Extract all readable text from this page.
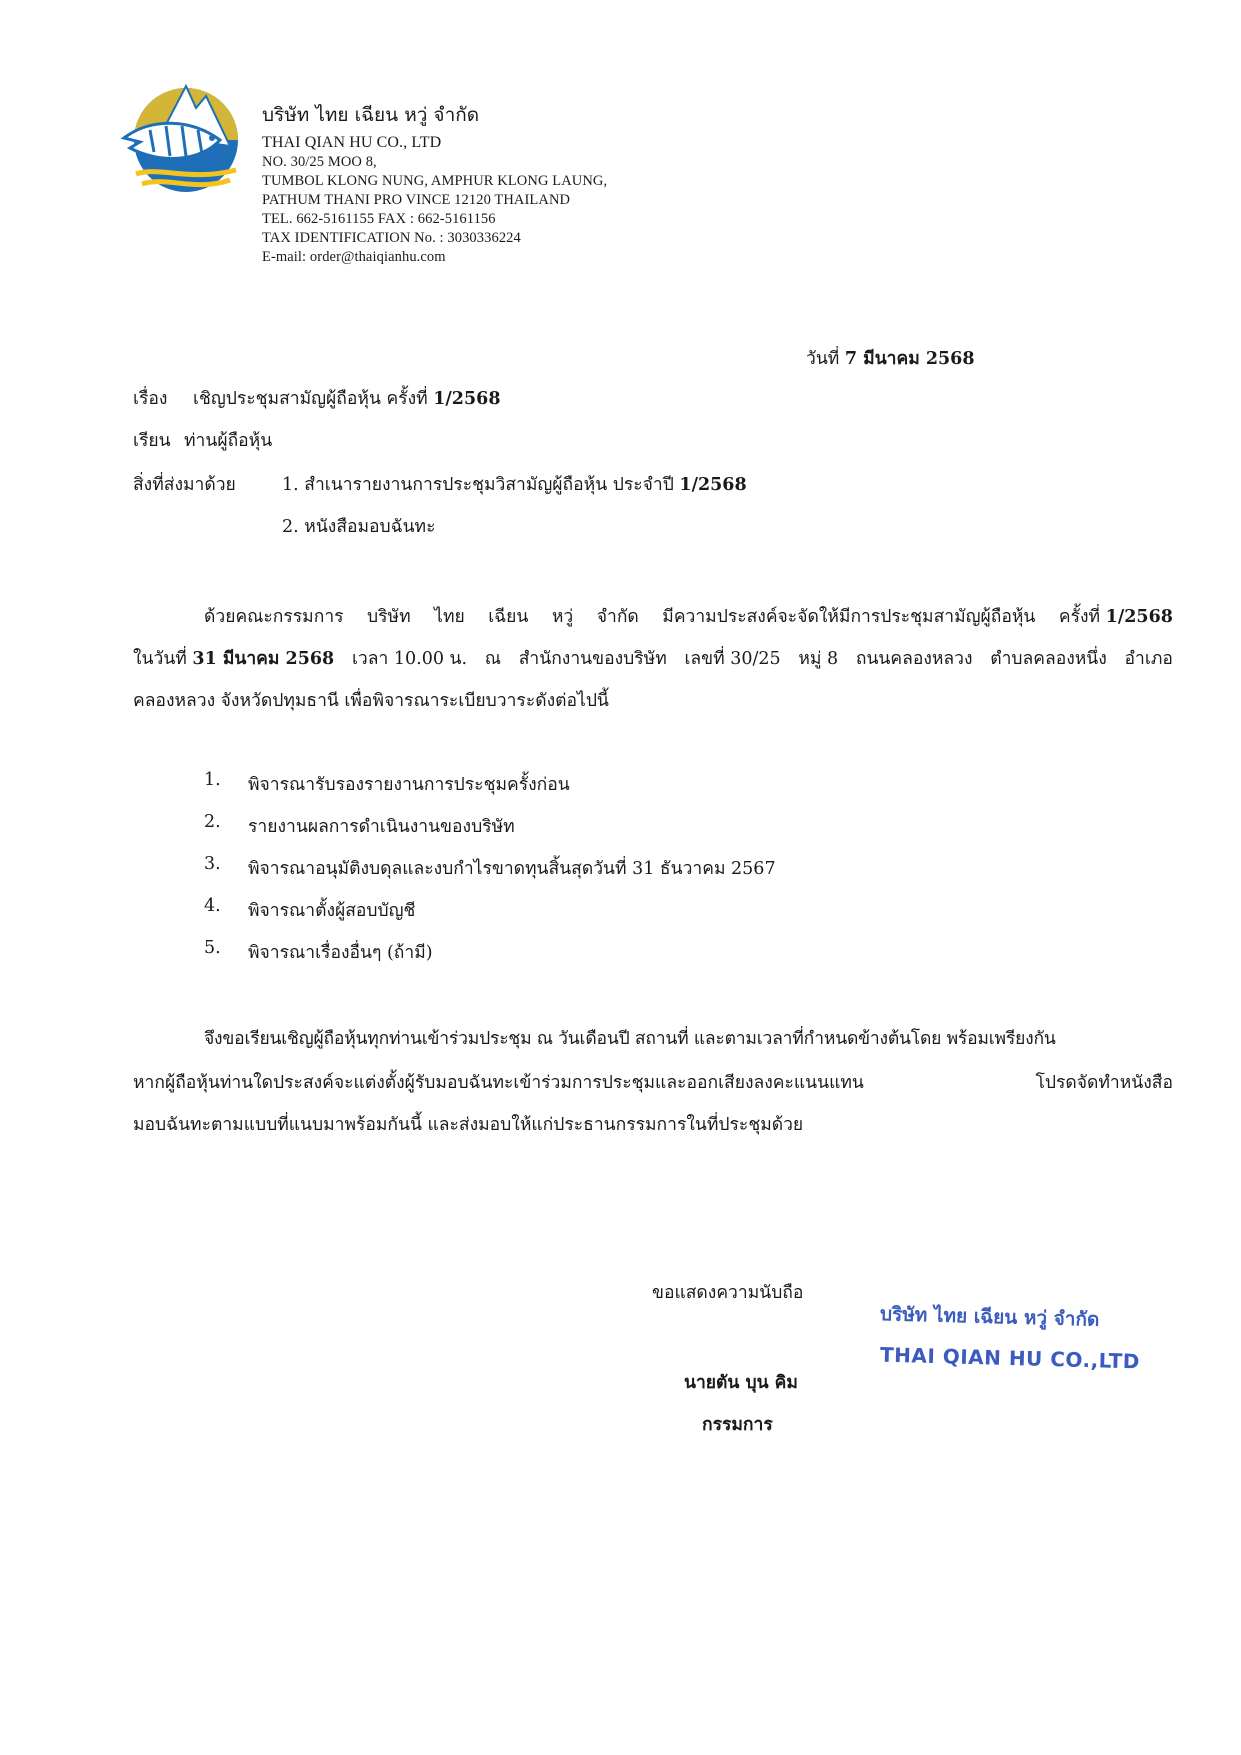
บริษัท ไทย เฉียน หวู่ จำกัด
THAI QIAN HU CO., LTD
NO. 30/25 MOO 8,
TUMBOL KLONG NUNG, AMPHUR KLONG LAUNG,
PATHUM THANI PRO VINCE 12120 THAILAND
TEL. 662-5161155 FAX : 662-5161156
TAX IDENTIFICATION No. : 3030336224
E-mail: order@thaiqianhu.com
วันที่ 7 มีนาคม 2568
เรื่อง เชิญประชุมสามัญผู้ถือหุ้น ครั้งที่ 1/2568
เรียน ท่านผู้ถือหุ้น
สิ่งที่ส่งมาด้วย	1. สำเนารายงานการประชุมวิสามัญผู้ถือหุ้น ประจำปี 1/2568
2. หนังสือมอบฉันทะ
ด้วยคณะกรรมการ บริษัท ไทย เฉียน หวู่ จำกัด มีความประสงค์จะจัดให้มีการประชุมสามัญผู้ถือหุ้น ครั้งที่ 1/2568
ในวันที่ 31 มีนาคม 2568 เวลา 10.00 น. ณ สำนักงานของบริษัท เลขที่ 30/25 หมู่ 8 ถนนคลองหลวง ตำบลคลองหนึ่ง อำเภอ
คลองหลวง จังหวัดปทุมธานี เพื่อพิจารณาระเบียบวาระดังต่อไปนี้
1. พิจารณารับรองรายงานการประชุมครั้งก่อน
2. รายงานผลการดำเนินงานของบริษัท
3. พิจารณาอนุมัติงบดุลและงบกำไรขาดทุนสิ้นสุดวันที่ 31 ธันวาคม 2567
4. พิจารณาตั้งผู้สอบบัญชี
5. พิจารณาเรื่องอื่นๆ (ถ้ามี)
จึงขอเรียนเชิญผู้ถือหุ้นทุกท่านเข้าร่วมประชุม ณ วันเดือนปี สถานที่ และตามเวลาที่กำหนดข้างต้นโดย พร้อมเพรียงกัน
หากผู้ถือหุ้นท่านใดประสงค์จะแต่งตั้งผู้รับมอบฉันทะเข้าร่วมการประชุมและออกเสียงลงคะแนนแทน	โปรดจัดทำหนังสือ
มอบฉันทะตามแบบที่แนบมาพร้อมกันนี้ และส่งมอบให้แก่ประธานกรรมการในที่ประชุมด้วย
ขอแสดงความนับถือ
บริษัท ไทย เฉียน หวู่ จำกัด
THAI QIAN HU CO.,LTD
นายตัน บุน คิม
กรรมการ
